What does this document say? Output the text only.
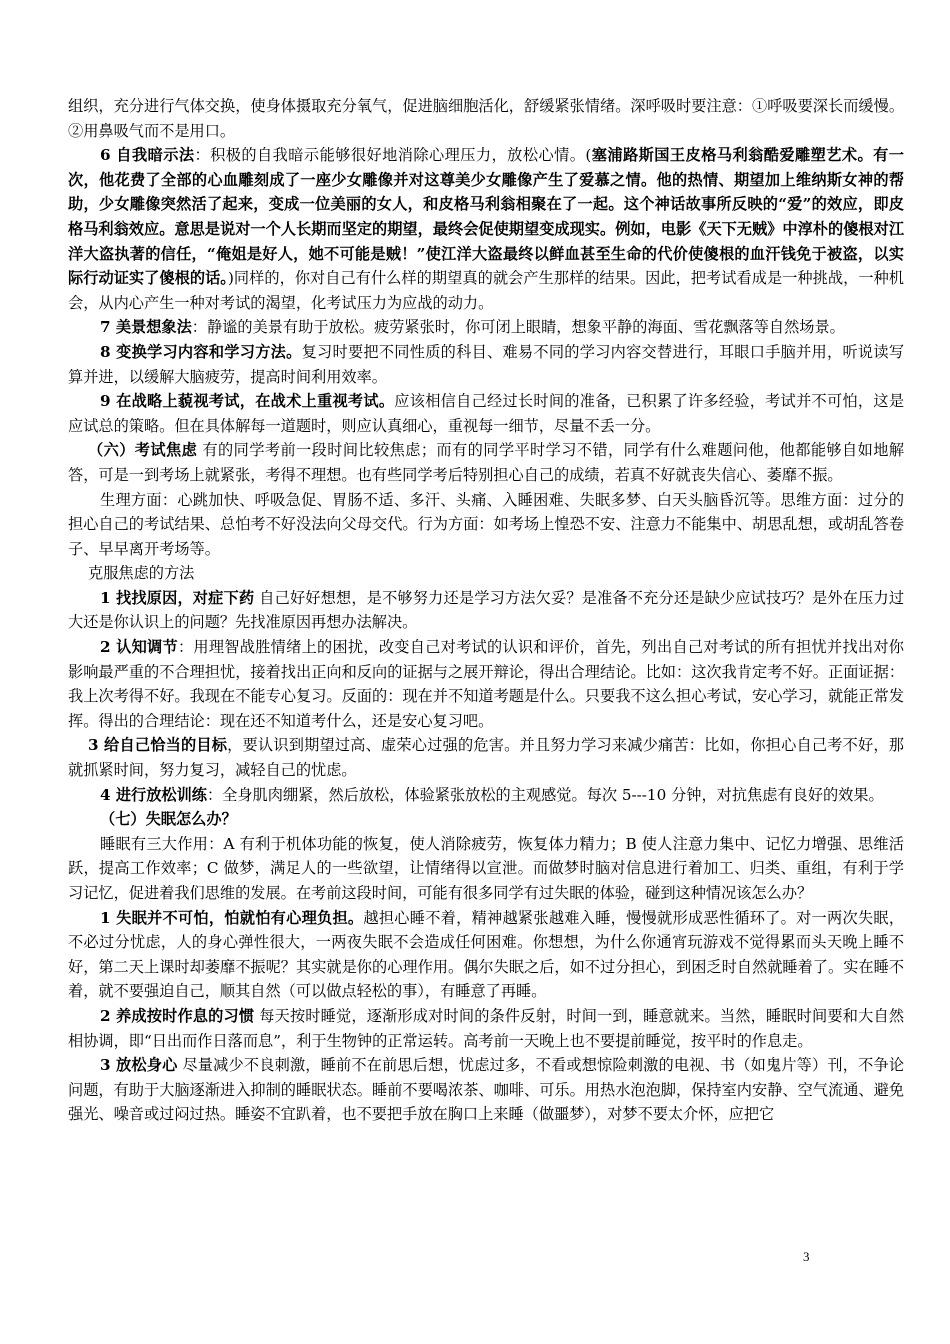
组织，充分进行气体交换，使身体摄取充分氧气，促进脑细胞活化，舒缓紧张情绪。深呼吸时要注意：①呼吸要深长而缓慢。 ②用鼻吸气而不是用口。

6 自我暗示法：积极的自我暗示能够很好地消除心理压力，放松心情。(塞浦路斯国王皮格马利翁酷爱雕塑艺术。有一次，他花费了全部的心血雕刻成了一座少女雕像并对这尊美少女雕像产生了爱慕之情。他的热情、期望加上维纳斯女神的帮助，少女雕像突然活了起来，变成一位美丽的女人，和皮格马利翁相聚在了一起。这个神话故事所反映的“爱”的效应，即皮格马利翁效应。意思是说对一个人长期而坚定的期望，最终会促使期望变成现实。例如，电影《天下无贼》中淳朴的傻根对江洋大盗执著的信任，“俺姐是好人，她不可能是贼！”使江洋大盗最终以鲜血甚至生命的代价使傻根的血汗钱免于被盗，以实际行动证实了傻根的话。)同样的，你对自己有什么样的期望真的就会产生那样的结果。因此，把考试看成是一种挑战，一种机会，从内心产生一种对考试的渴望，化考试压力为应战的动力。

7 美景想象法：静谧的美景有助于放松。疲劳紧张时，你可闭上眼睛，想象平静的海面、雪花飘落等自然场景。

8 变换学习内容和学习方法。复习时要把不同性质的科目、难易不同的学习内容交替进行，耳眼口手脑并用，听说读写算并进，以缓解大脑疲劳，提高时间利用效率。

9 在战略上藐视考试，在战术上重视考试。应该相信自己经过长时间的准备，已积累了许多经验，考试并不可怕，这是应试总的策略。但在具体解每一道题时，则应认真细心，重视每一细节，尽量不丢一分。

（六）考试焦虑 有的同学考前一段时间比较焦虑；而有的同学平时学习不错，同学有什么难题问他，他都能够自如地解答，可是一到考场上就紧张，考得不理想。也有些同学考后特别担心自己的成绩，若真不好就丧失信心、萎靡不振。

生理方面：心跳加快、呼吸急促、胃肠不适、多汗、头痛、入睡困难、失眠多梦、白天头脑昏沉等。思维方面：过分的担心自己的考试结果、总怕考不好没法向父母交代。行为方面：如考场上惶恐不安、注意力不能集中、胡思乱想，或胡乱答卷子、早早离开考场等。

克服焦虑的方法

1 找找原因，对症下药 自己好好想想，是不够努力还是学习方法欠妥？是准备不充分还是缺少应试技巧？是外在压力过大还是你认识上的问题？先找准原因再想办法解决。

2 认知调节：用理智战胜情绪上的困扰，改变自己对考试的认识和评价，首先，列出自己对考试的所有担忧并找出对你影响最严重的不合理担忧，接着找出正向和反向的证据与之展开辩论，得出合理结论。比如：这次我肯定考不好。正面证据：我上次考得不好。我现在不能专心复习。反面的：现在并不知道考题是什么。只要我不这么担心考试，安心学习，就能正常发挥。得出的合理结论：现在还不知道考什么，还是安心复习吧。

3 给自己恰当的目标，要认识到期望过高、虚荣心过强的危害。并且努力学习来减少痛苦：比如，你担心自己考不好，那就抓紧时间，努力复习，减轻自己的忧虑。

4 进行放松训练：全身肌肉绷紧，然后放松，体验紧张放松的主观感觉。每次 5---10 分钟，对抗焦虑有良好的效果。

（七）失眠怎么办？

睡眠有三大作用：A 有利于机体功能的恢复，使人消除疲劳，恢复体力精力；B 使人注意力集中、记忆力增强、思维活跃，提高工作效率；C 做梦，满足人的一些欲望，让情绪得以宣泄。而做梦时脑对信息进行着加工、归类、重组，有利于学习记忆，促进着我们思维的发展。在考前这段时间，可能有很多同学有过失眠的体验，碰到这种情况该怎么办？

1 失眠并不可怕，怕就怕有心理负担。越担心睡不着，精神越紧张越难入睡，慢慢就形成恶性循环了。对一两次失眠，不必过分忧虑，人的身心弹性很大，一两夜失眠不会造成任何困难。你想想，为什么你通宵玩游戏不觉得累而头天晚上睡不好，第二天上课时却萎靡不振呢？其实就是你的心理作用。偶尔失眠之后，如不过分担心，到困乏时自然就睡着了。实在睡不着，就不要强迫自己，顺其自然（可以做点轻松的事），有睡意了再睡。

2 养成按时作息的习惯 每天按时睡觉，逐渐形成对时间的条件反射，时间一到，睡意就来。当然，睡眠时间要和大自然相协调，即“日出而作日落而息”，利于生物钟的正常运转。高考前一天晚上也不要提前睡觉，按平时的作息走。

3 放松身心 尽量减少不良刺激，睡前不在前思后想，忧虑过多，不看或想惊险刺激的电视、书（如鬼片等）刊，不争论问题，有助于大脑逐渐进入抑制的睡眠状态。睡前不要喝浓茶、咖啡、可乐。用热水泡泡脚，保持室内安静、空气流通、避免强光、噪音或过闷过热。睡姿不宜趴着，也不要把手放在胸口上来睡（做噩梦），对梦不要太介怀，应把它

3
